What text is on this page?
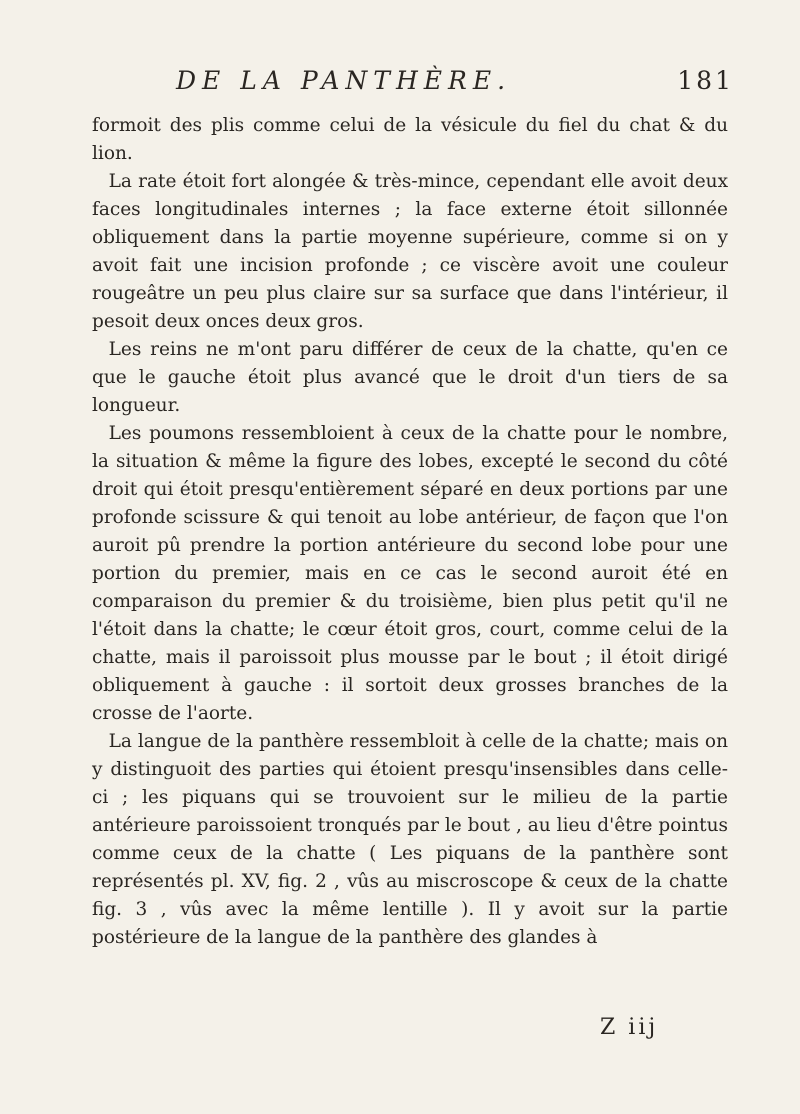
DE LA PANTHÈRE.	181

formoit des plis comme celui de la vésicule du fiel du chat & du lion.

La rate étoit fort alongée & très-mince, cependant elle avoit deux faces longitudinales internes ; la face externe étoit sillonnée obliquement dans la partie moyenne supérieure, comme si on y avoit fait une incision profonde ; ce viscère avoit une couleur rougeâtre un peu plus claire sur sa surface que dans l'intérieur, il pesoit deux onces deux gros.

Les reins ne m'ont paru différer de ceux de la chatte, qu'en ce que le gauche étoit plus avancé que le droit d'un tiers de sa longueur.

Les poumons ressembloient à ceux de la chatte pour le nombre, la situation & même la figure des lobes, excepté le second du côté droit qui étoit presqu'entièrement séparé en deux portions par une profonde scissure & qui tenoit au lobe antérieur, de façon que l'on auroit pû prendre la portion antérieure du second lobe pour une portion du premier, mais en ce cas le second auroit été en comparaison du premier & du troisième, bien plus petit qu'il ne l'étoit dans la chatte; le cœur étoit gros, court, comme celui de la chatte, mais il paroissoit plus mousse par le bout ; il étoit dirigé obliquement à gauche : il sortoit deux grosses branches de la crosse de l'aorte.

La langue de la panthère ressembloit à celle de la chatte; mais on y distinguoit des parties qui étoient presqu'insensibles dans celle-ci ; les piquans qui se trouvoient sur le milieu de la partie antérieure paroissoient tronqués par le bout , au lieu d'être pointus comme ceux de la chatte ( Les piquans de la panthère sont représentés pl. XV, fig. 2 , vûs au miscroscope & ceux de la chatte fig. 3 , vûs avec la même lentille ). Il y avoit sur la partie postérieure de la langue de la panthère des glandes à

Z iij
